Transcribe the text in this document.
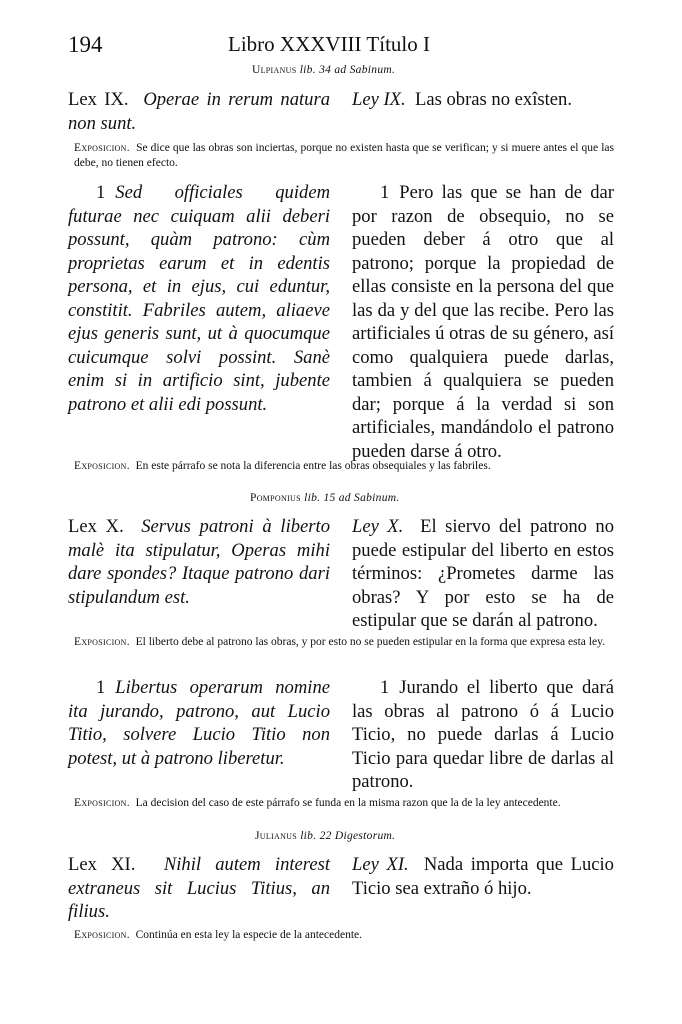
194	Libro XXXVIII Título I
Ulpianus lib. 34 ad Sabinum.
Lex IX. Operae in rerum natura non sunt.
Ley IX. Las obras no exîsten.
Exposicion. Se dice que las obras son inciertas, porque no existen hasta que se verifican; y si muere antes el que las debe, no tienen efecto.
1 Sed officiales quidem futurae nec cuiquam alii deberi possunt, quàm patrono: cùm proprietas earum et in edentis persona, et in ejus, cui eduntur, constitit. Fabriles autem, aliaeve ejus generis sunt, ut à quocumque cuicumque solvi possint. Sanè enim si in artificio sint, jubente patrono et alii edi possunt.
1 Pero las que se han de dar por razon de obsequio, no se pueden deber á otro que al patrono; porque la propiedad de ellas consiste en la persona del que las da y del que las recibe. Pero las artificiales ú otras de su género, así como qualquiera puede darlas, tambien á qualquiera se pueden dar; porque á la verdad si son artificiales, mandándolo el patrono pueden darse á otro.
Exposicion. En este párrafo se nota la diferencia entre las obras obsequiales y las fabriles.
Pomponius lib. 15 ad Sabinum.
Lex X. Servus patroni à liberto malè ita stipulatur, Operas mihi dare spondes? Itaque patrono dari stipulandum est.
Ley X. El siervo del patrono no puede estipular del liberto en estos términos: ¿Prometes darme las obras? Y por esto se ha de estipular que se darán al patrono.
Exposicion. El liberto debe al patrono las obras, y por esto no se pueden estipular en la forma que expresa esta ley.
1 Libertus operarum nomine ita jurando, patrono, aut Lucio Titio, solvere Lucio Titio non potest, ut à patrono liberetur.
1 Jurando el liberto que dará las obras al patrono ó á Lucio Ticio, no puede darlas á Lucio Ticio para quedar libre de darlas al patrono.
Exposicion. La decision del caso de este párrafo se funda en la misma razon que la de la ley antecedente.
Julianus lib. 22 Digestorum.
Lex XI. Nihil autem interest extraneus sit Lucius Titius, an filius.
Ley XI. Nada importa que Lucio Ticio sea extraño ó hijo.
Exposicion. Continúa en esta ley la especie de la antecedente.
